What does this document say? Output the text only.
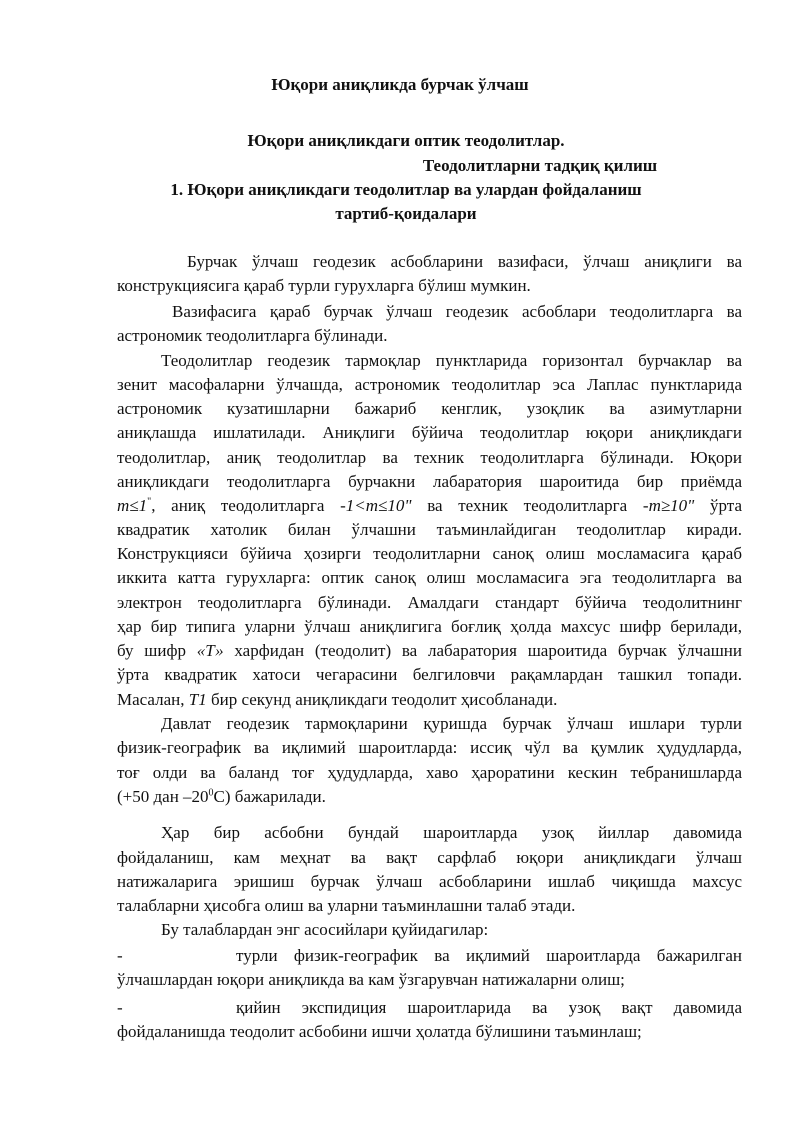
Юқори аниқликда бурчак ўлчаш

Юқори аниқликдаги оптик теодолитлар.

Теодолитларни тадқиқ қилиш

1. Юқори аниқликдаги теодолитлар ва улардан фойдаланиш

тартиб-қоидалари

Бурчак ўлчаш геодезик асбобларини вазифаси, ўлчаш аниқлиги ва

конструкциясига қараб турли гурухларга бўлиш мумкин.

Вазифасига қараб бурчак ўлчаш геодезик асбоблари теодолитларга ва

астрономик теодолитларга бўлинади.

Теодолитлар геодезик тармоқлар пунктларида горизонтал бурчаклар ва

зенит масофаларни ўлчашда, астрономик теодолитлар эса Лаплас пунктларида

астрономик кузатишларни бажариб кенглик, узоқлик ва азимутларни

аниқлашда ишлатилади. Аниқлиги бўйича теодолитлар юқори аниқликдаги

теодолитлар, аниқ теодолитлар ва техник теодолитларга бўлинади. Юқори

аниқликдаги теодолитларга бурчакни лабаратория шароитида бир приёмда

m≤1", аниқ теодолитларга -1<m≤10" ва техник теодолитларга -m≥10" ўрта

квадратик хатолик билан ўлчашни таъминлайдиган теодолитлар киради.

Конструкцияси бўйича ҳозирги теодолитларни саноқ олиш мосламасига қараб

иккита катта гурухларга: оптик саноқ олиш мосламасига эга теодолитларга ва

электрон теодолитларга бўлинади. Амалдаги стандарт бўйича теодолитнинг

ҳар бир типига уларни ўлчаш аниқлигига боғлиқ ҳолда махсус шифр берилади,

бу шифр «Т» харфидан (теодолит) ва лабаратория шароитида бурчак ўлчашни

ўрта квадратик хатоси чегарасини белгиловчи рақамлардан ташкил топади.

Масалан, Т1 бир секунд аниқликдаги теодолит ҳисобланади.

Давлат геодезик тармоқларини қуришда бурчак ўлчаш ишлари турли

физик-географик ва иқлимий шароитларда: иссиқ чўл ва қумлик ҳудудларда,

тоғ олди ва баланд тоғ ҳудудларда, хаво ҳароратини кескин тебранишларда

(+50 дан $-20^0С$) бажарилади.

Ҳар бир асбобни бундай шароитларда узоқ йиллар давомида

фойдаланиш, кам меҳнат ва вақт сарфлаб юқори аниқликдаги ўлчаш

натижаларига эришиш бурчак ўлчаш асбобларини ишлаб чиқишда махсус

талабларни ҳисобга олиш ва уларни таъминлашни талаб этади.

Бу талаблардан энг асосийлари қуйидагилар:

-	турли физик-географик ва иқлимий шароитларда бажарилган

ўлчашлардан юқори аниқликда ва кам ўзгарувчан натижаларни олиш;

-	қийин экспидиция шароитларида ва узоқ вақт давомида

фойдаланишда теодолит асбобини ишчи ҳолатда бўлишини таъминлаш;
